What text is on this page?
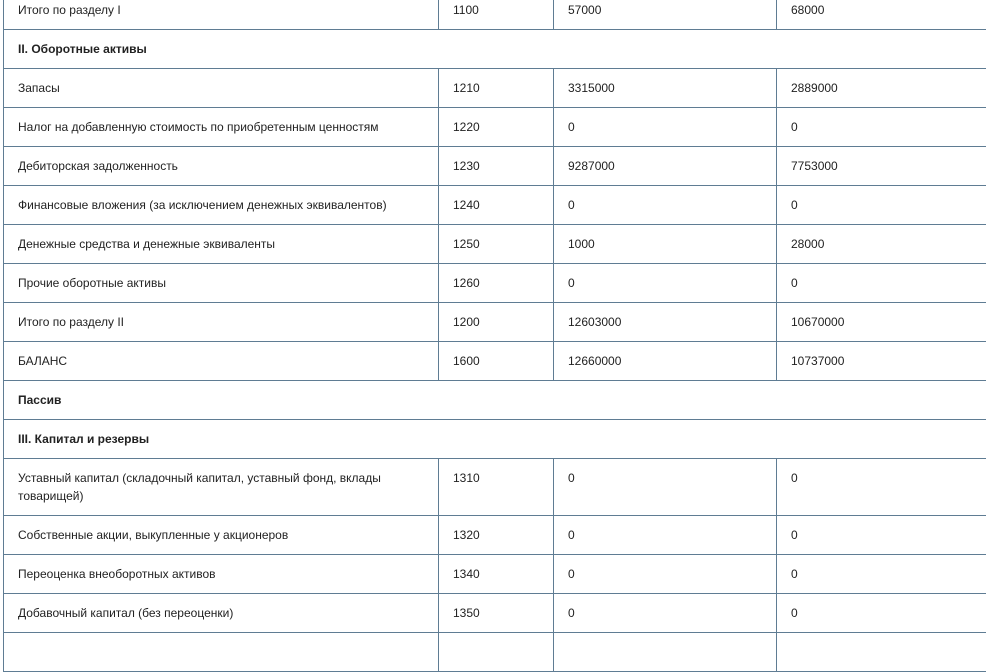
Итого по разделу I	1100	57000	68000
II. Оборотные активы			
Запасы	1210	3315000	2889000
Налог на добавленную стоимость по приобретенным ценностям	1220	0	0
Дебиторская задолженность	1230	9287000	7753000
Финансовые вложения (за исключением денежных эквивалентов)	1240	0	0
Денежные средства и денежные эквиваленты	1250	1000	28000
Прочие оборотные активы	1260	0	0
Итого по разделу II	1200	12603000	10670000
БАЛАНС	1600	12660000	10737000
Пассив			
III. Капитал и резервы			
Уставный капитал (складочный капитал, уставный фонд, вклады товарищей)	1310	0	0
Собственные акции, выкупленные у акционеров	1320	0	0
Переоценка внеоборотных активов	1340	0	0
Добавочный капитал (без переоценки)	1350	0	0
